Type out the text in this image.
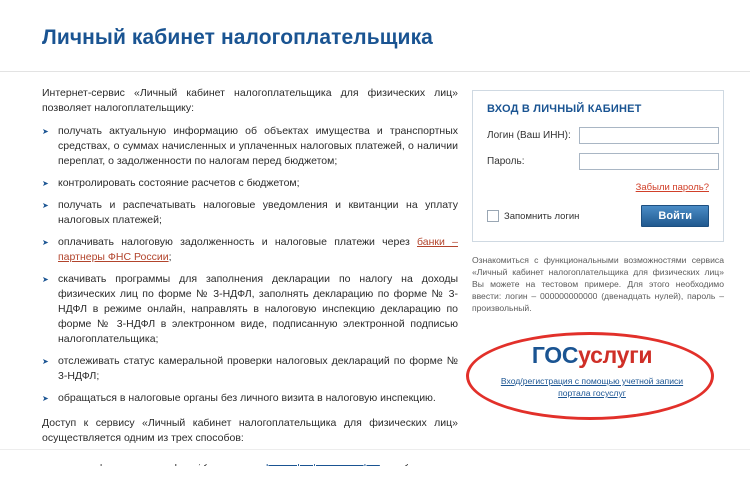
Личный кабинет налогоплательщика
Интернет-сервис «Личный кабинет налогоплательщика для физических лиц» позволяет налогоплательщику:
➤ получать актуальную информацию об объектах имущества и транспортных средствах, о суммах начисленных и уплаченных налоговых платежей, о наличии переплат, о задолженности по налогам перед бюджетом;
➤ контролировать состояние расчетов с бюджетом;
➤ получать и распечатывать налоговые уведомления и квитанции на уплату налоговых платежей;
➤ оплачивать налоговую задолженность и налоговые платежи через банки – партнеры ФНС России;
➤ скачивать программы для заполнения декларации по налогу на доходы физических лиц по форме № 3-НДФЛ, заполнять декларацию по форме № 3-НДФЛ в режиме онлайн, направлять в налоговую инспекцию декларацию по форме № 3-НДФЛ в электронном виде, подписанную электронной подписью налогоплательщика;
➤ отслеживать статус камеральной проверки налоговых деклараций по форме № 3-НДФЛ;
➤ обращаться в налоговые органы без личного визита в налоговую инспекцию.
Доступ к сервису «Личный кабинет налогоплательщика для физических лиц» осуществляется одним из трех способов:
➤
ВХОД В ЛИЧНЫЙ КАБИНЕТ
Логин (Ваш ИНН):
Пароль:
Забыли пароль?
Запомнить логин	Войти
Ознакомиться с функциональными возможностями сервиса «Личный кабинет налогоплательщика для физических лиц» Вы можете на тестовом примере. Для этого необходимо ввести: логин – 000000000000 (двенадцать нулей), пароль – произвольный.
ГОСуслуги
Вход/регистрация с помощью учетной записи портала госуслуг
